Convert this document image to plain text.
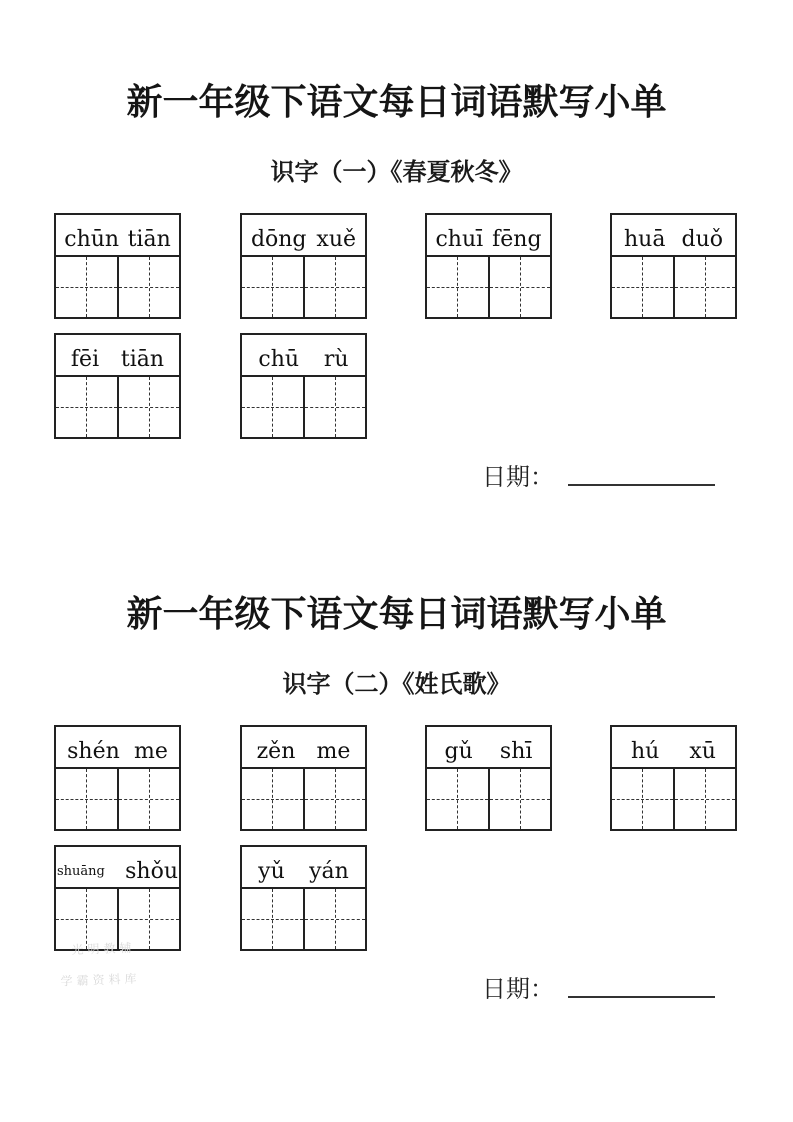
新一年级下语文每日词语默写小单
识字（一）《春夏秋冬》
chūn tiān	dōng xuě	chuī fēng	huā duǒ
fēi tiān	chū rù
日期：
新一年级下语文每日词语默写小单
识字（二）《姓氏歌》
shén me	zěn me	gǔ shī	hú xū
shuāng shǒu	yǔ yán
光明教辅
学霸资料库	日期：
